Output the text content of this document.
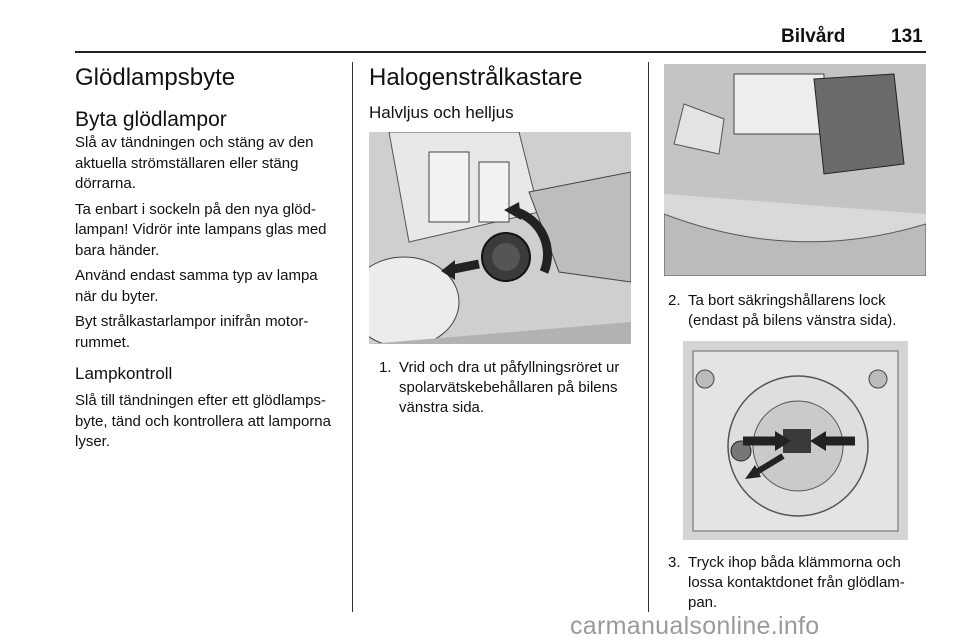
Bilvård 131
Glödlampsbyte
Byta glödlampor

Slå av tändningen och stäng av den aktuella strömställaren eller stäng dörrarna.

Ta enbart i sockeln på den nya glöd-lampan! Vidrör inte lampans glas med bara händer.

Använd endast samma typ av lampa när du byter.

Byt strålkastarlampor inifrån motor-rummet.

Lampkontroll

Slå till tändningen efter ett glödlamps-byte, tänd och kontrollera att lamporna lyser.

Halogenstrålkastare
Halvljus och helljus
1. Vrid och dra ut påfyllningsröret ur spolarvätskebehållaren på bilens vänstra sida.
2. Ta bort säkringshållarens lock (endast på bilens vänstra sida).
3. Tryck ihop båda klämmorna och lossa kontaktdonet från glödlam-pan.
carmanualsonline.info
